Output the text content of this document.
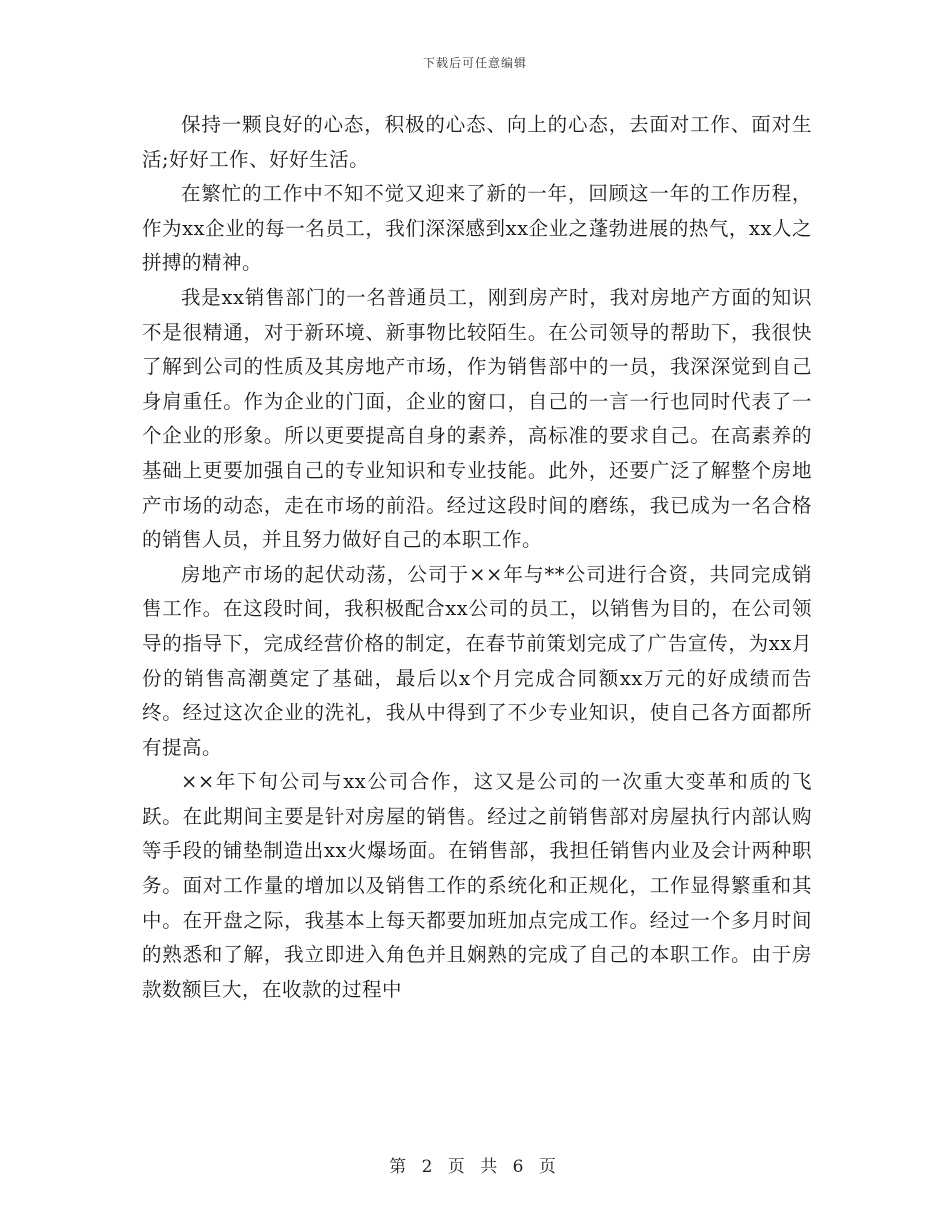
下载后可任意编辑

保持一颗良好的心态，积极的心态、向上的心态，去面对工作、面对生活;好好工作、好好生活。

在繁忙的工作中不知不觉又迎来了新的一年，回顾这一年的工作历程，作为xx企业的每一名员工，我们深深感到xx企业之蓬勃进展的热气，xx人之拼搏的精神。

我是xx销售部门的一名普通员工，刚到房产时，我对房地产方面的知识不是很精通，对于新环境、新事物比较陌生。在公司领导的帮助下，我很快了解到公司的性质及其房地产市场，作为销售部中的一员，我深深觉到自己身肩重任。作为企业的门面，企业的窗口，自己的一言一行也同时代表了一个企业的形象。所以更要提高自身的素养，高标准的要求自己。在高素养的基础上更要加强自己的专业知识和专业技能。此外，还要广泛了解整个房地产市场的动态，走在市场的前沿。经过这段时间的磨练，我已成为一名合格的销售人员，并且努力做好自己的本职工作。

房地产市场的起伏动荡，公司于××年与**公司进行合资，共同完成销售工作。在这段时间，我积极配合xx公司的员工，以销售为目的，在公司领导的指导下，完成经营价格的制定，在春节前策划完成了广告宣传，为xx月份的销售高潮奠定了基础，最后以x个月完成合同额xx万元的好成绩而告终。经过这次企业的洗礼，我从中得到了不少专业知识，使自己各方面都所有提高。

××年下旬公司与xx公司合作，这又是公司的一次重大变革和质的飞跃。在此期间主要是针对房屋的销售。经过之前销售部对房屋执行内部认购等手段的铺垫制造出xx火爆场面。在销售部，我担任销售内业及会计两种职务。面对工作量的增加以及销售工作的系统化和正规化，工作显得繁重和其中。在开盘之际，我基本上每天都要加班加点完成工作。经过一个多月时间的熟悉和了解，我立即进入角色并且娴熟的完成了自己的本职工作。由于房款数额巨大，在收款的过程中

第 2 页 共 6 页
